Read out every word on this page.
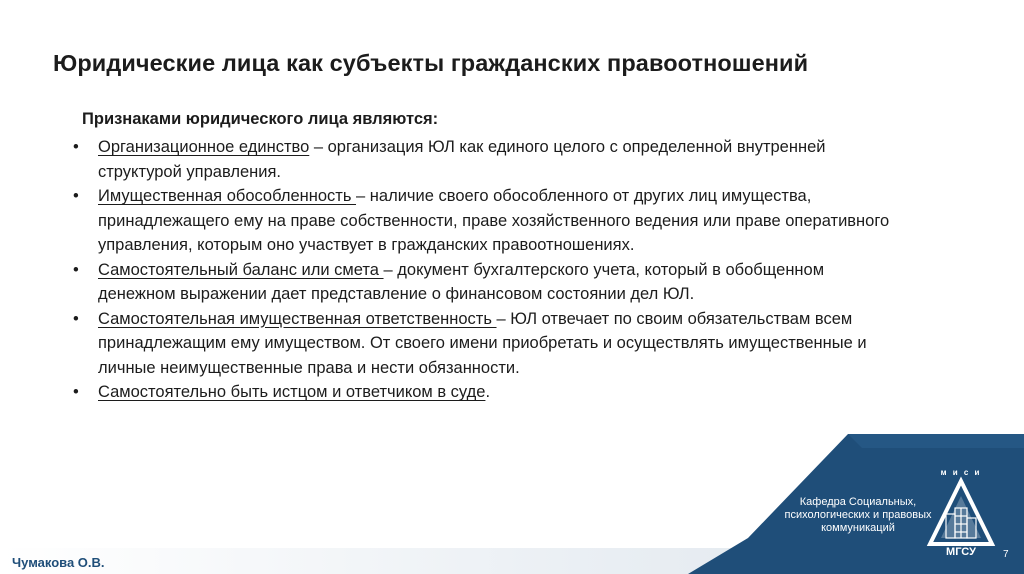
Юридические лица как субъекты гражданских правоотношений
Признаками юридического лица являются:
• Организационное единство – организация ЮЛ как единого целого с определенной внутренней структурой управления.
• Имущественная обособленность – наличие своего обособленного от других лиц имущества, принадлежащего ему на праве собственности, праве хозяйственного ведения или праве оперативного управления, которым оно участвует в гражданских правоотношениях.
• Самостоятельный баланс или смета – документ бухгалтерского учета, который в обобщенном денежном выражении дает представление о финансовом состоянии дел ЮЛ.
• Самостоятельная имущественная ответственность – ЮЛ отвечает по своим обязательствам всем принадлежащим ему имуществом. От своего имени приобретать и осуществлять имущественные и личные неимущественные права и нести обязанности.
• Самостоятельно быть истцом и ответчиком в суде.
Чумакова О.В.
Кафедра Социальных, психологических и правовых коммуникаций
м и с и
МГСУ	7
